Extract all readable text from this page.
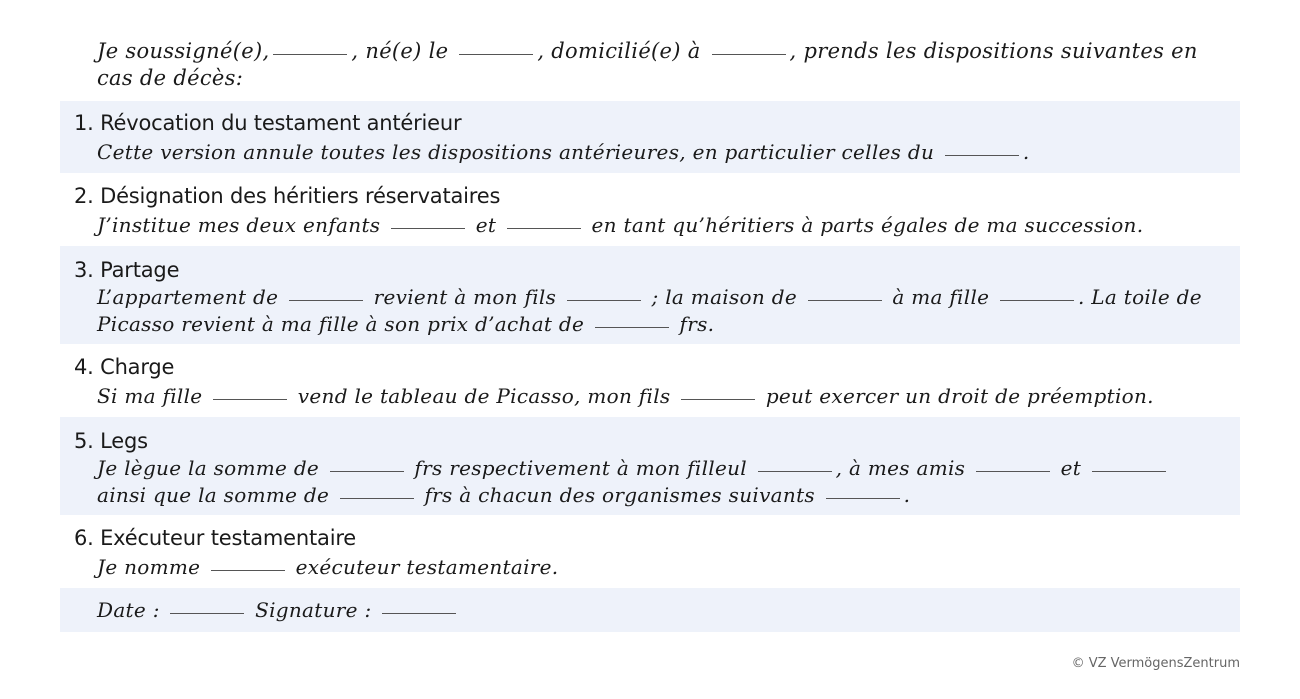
Je soussigné(e),	, né(e) le	, domicilié(e) à	, prends les dispositions suivantes en cas de décès:
1. Révocation du testament antérieur
Cette version annule toutes les dispositions antérieures, en particulier celles du	.
2. Désignation des héritiers réservataires
J’institue mes deux enfants	et	en tant qu’héritiers à parts égales de ma succession.
3. Partage
L’appartement de	revient à mon fils	; la maison de	à ma fille	. La toile de Picasso revient à ma fille à son prix d’achat de	frs.
4. Charge
Si ma fille	vend le tableau de Picasso, mon fils	peut exercer un droit de préemption.
5. Legs
Je lègue la somme de	frs respectivement à mon filleul	, à mes amis	et  ainsi que la somme de	frs à chacun des organismes suivants	.
6. Exécuteur testamentaire
Je nomme	exécuteur testamentaire.
Date :	Signature :
© VZ VermögensZentrum
